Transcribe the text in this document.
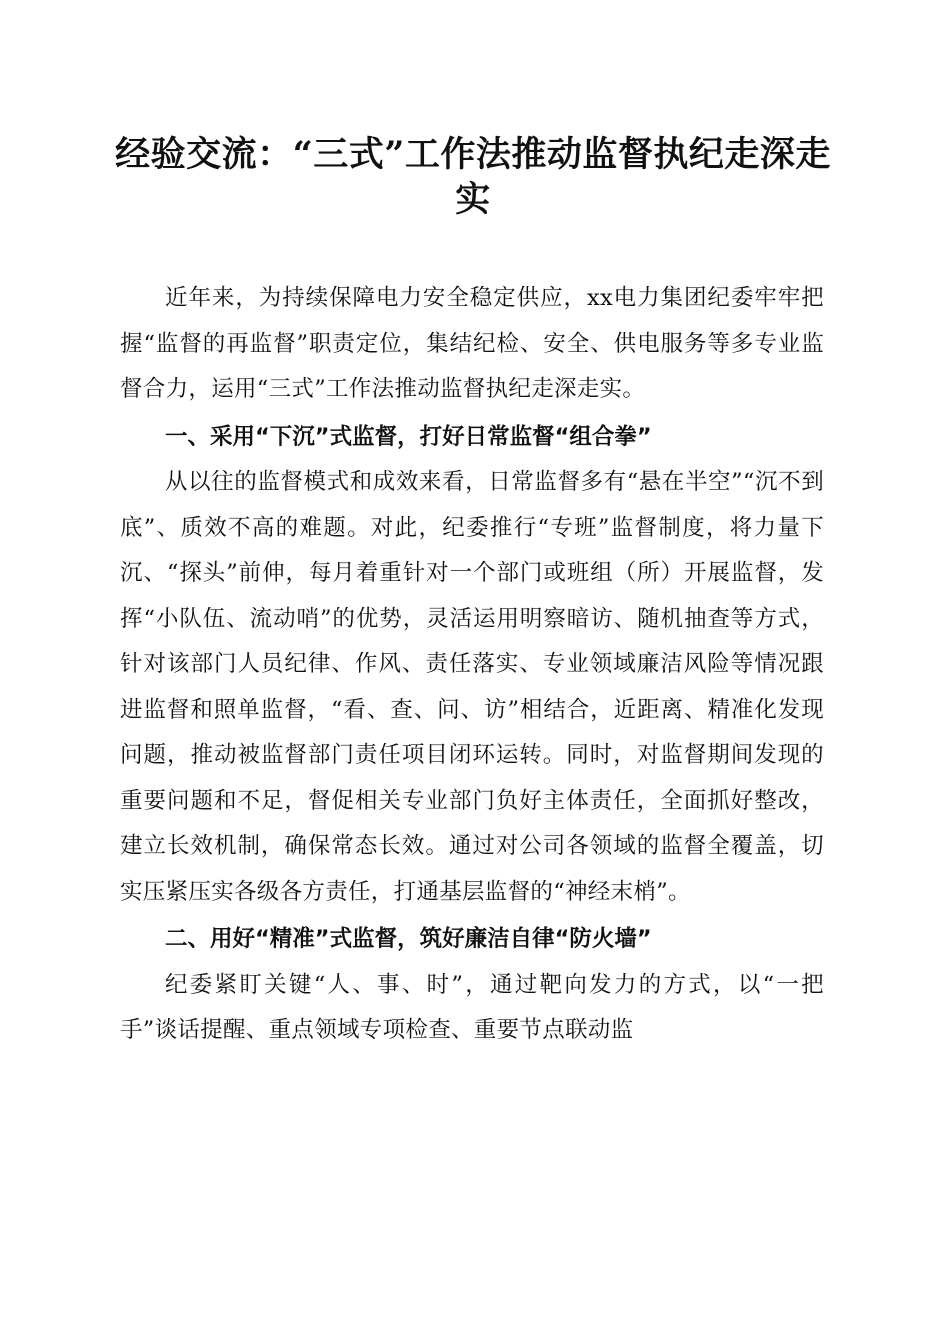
经验交流：“三式”工作法推动监督执纪走深走实

近年来，为持续保障电力安全稳定供应，xx电力集团纪委牢牢把握“监督的再监督”职责定位，集结纪检、安全、供电服务等多专业监督合力，运用“三式”工作法推动监督执纪走深走实。

一、采用“下沉”式监督，打好日常监督“组合拳”

从以往的监督模式和成效来看，日常监督多有“悬在半空”“沉不到底”、质效不高的难题。对此，纪委推行“专班”监督制度，将力量下沉、“探头”前伸，每月着重针对一个部门或班组（所）开展监督，发挥“小队伍、流动哨”的优势，灵活运用明察暗访、随机抽查等方式，针对该部门人员纪律、作风、责任落实、专业领域廉洁风险等情况跟进监督和照单监督，“看、查、问、访”相结合，近距离、精准化发现问题，推动被监督部门责任项目闭环运转。同时，对监督期间发现的重要问题和不足，督促相关专业部门负好主体责任，全面抓好整改，建立长效机制，确保常态长效。通过对公司各领域的监督全覆盖，切实压紧压实各级各方责任，打通基层监督的“神经末梢”。

二、用好“精准”式监督，筑好廉洁自律“防火墙”

纪委紧盯关键“人、事、时”，通过靶向发力的方式，以“一把手”谈话提醒、重点领域专项检查、重要节点联动监
